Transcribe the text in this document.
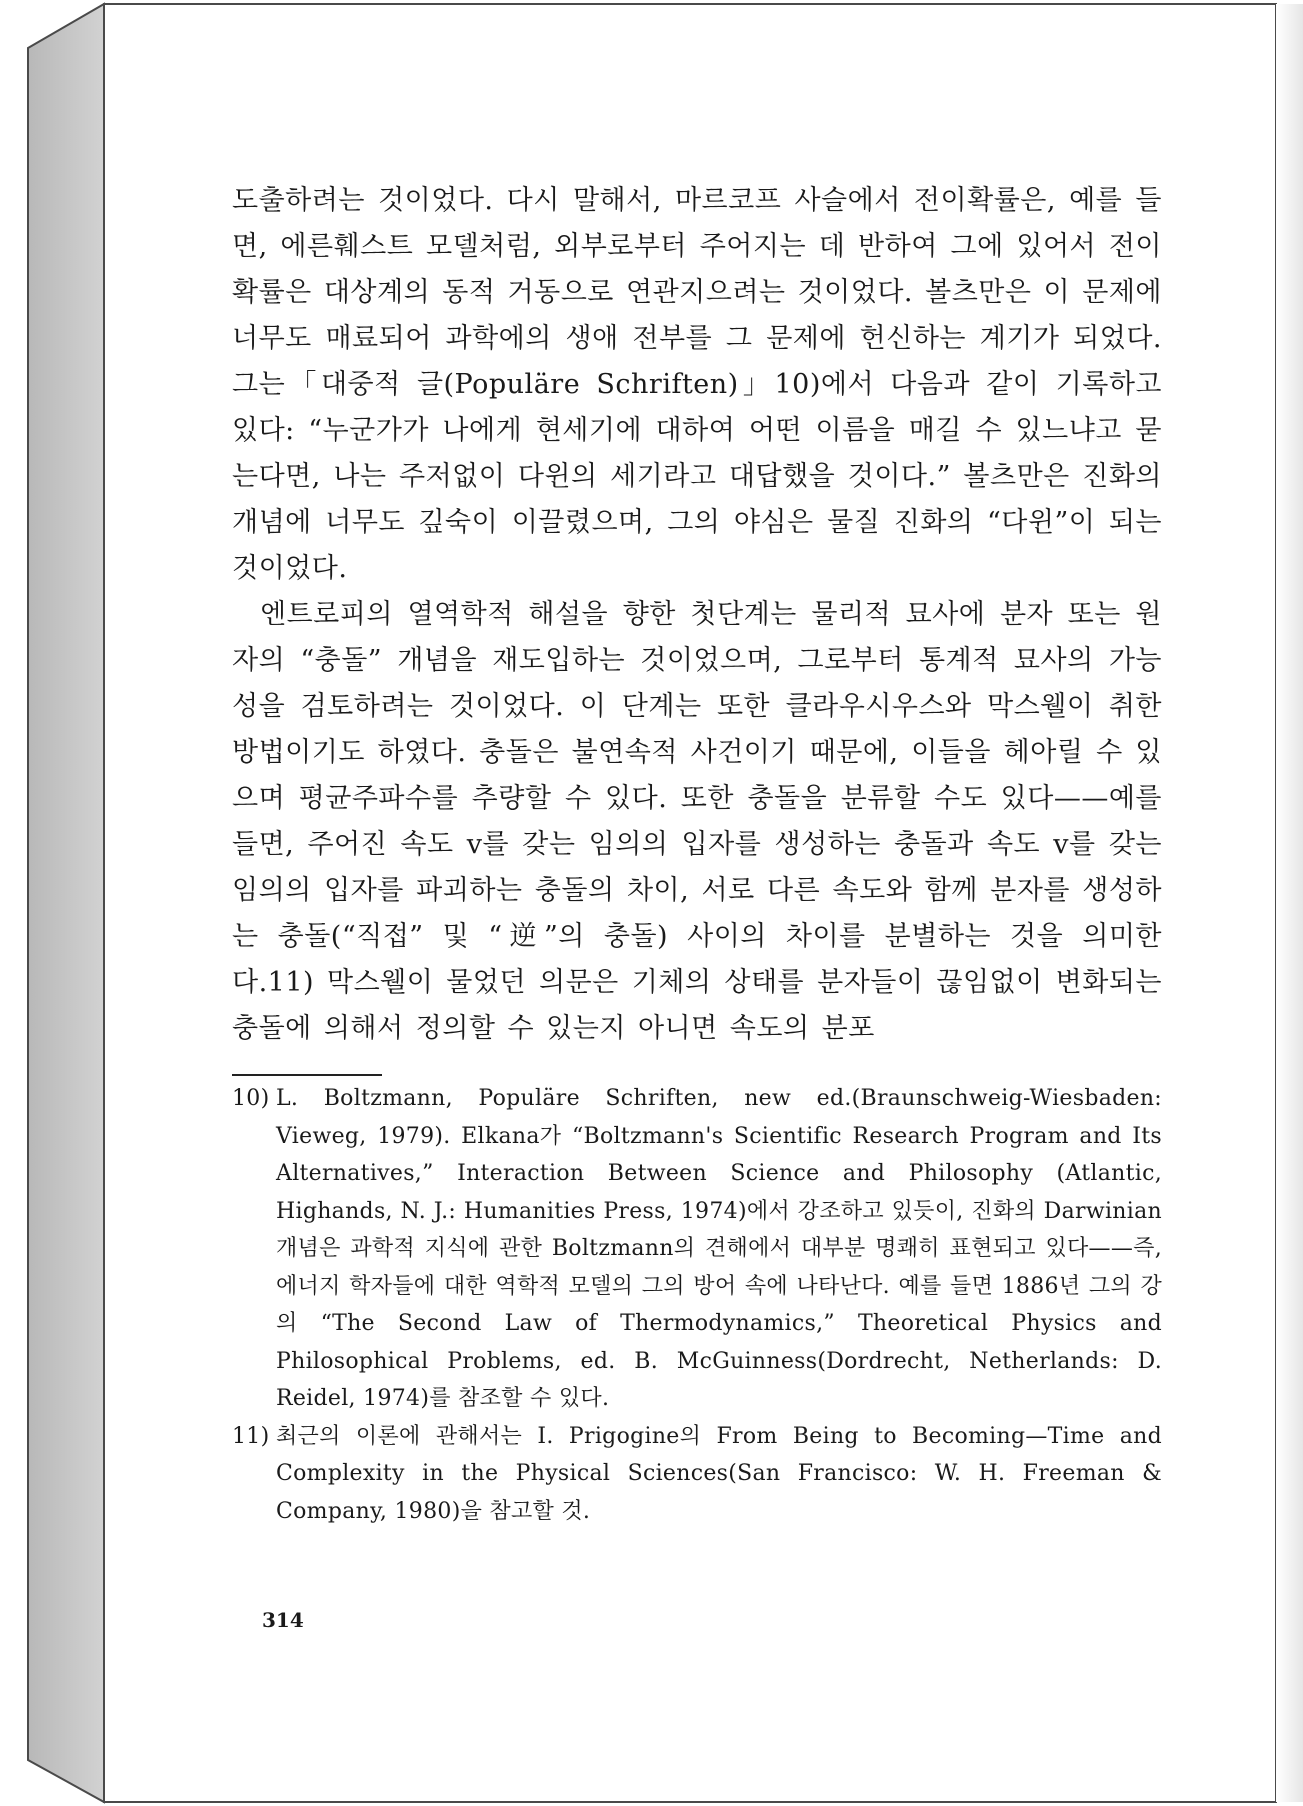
도출하려는 것이었다. 다시 말해서, 마르코프 사슬에서 전이확률은, 예를 들면, 에른훼스트 모델처럼, 외부로부터 주어지는 데 반하여 그에 있어서 전이확률은 대상계의 동적 거동으로 연관지으려는 것이었다. 볼츠만은 이 문제에 너무도 매료되어 과학에의 생애 전부를 그 문제에 헌신하는 계기가 되었다. 그는「대중적 글(Populäre Schriften)」10)에서 다음과 같이 기록하고 있다: “누군가가 나에게 현세기에 대하여 어떤 이름을 매길 수 있느냐고 묻는다면, 나는 주저없이 다윈의 세기라고 대답했을 것이다.” 볼츠만은 진화의 개념에 너무도 깊숙이 이끌렸으며, 그의 야심은 물질 진화의 “다윈”이 되는 것이었다.

엔트로피의 열역학적 해설을 향한 첫단계는 물리적 묘사에 분자 또는 원자의 “충돌” 개념을 재도입하는 것이었으며, 그로부터 통계적 묘사의 가능성을 검토하려는 것이었다. 이 단계는 또한 클라우시우스와 막스웰이 취한 방법이기도 하였다. 충돌은 불연속적 사건이기 때문에, 이들을 헤아릴 수 있으며 평균주파수를 추량할 수 있다. 또한 충돌을 분류할 수도 있다——예를 들면, 주어진 속도 v를 갖는 임의의 입자를 생성하는 충돌과 속도 v를 갖는 임의의 입자를 파괴하는 충돌의 차이, 서로 다른 속도와 함께 분자를 생성하는 충돌(“직접” 및 “逆”의 충돌) 사이의 차이를 분별하는 것을 의미한다.11) 막스웰이 물었던 의문은 기체의 상태를 분자들이 끊임없이 변화되는 충돌에 의해서 정의할 수 있는지 아니면 속도의 분포

10) L. Boltzmann, Populäre Schriften, new ed.(Braunschweig-Wiesbaden: Vieweg, 1979). Elkana가 “Boltzmann's Scientific Research Program and Its Alternatives,” Interaction Between Science and Philosophy (Atlantic, Highands, N. J.: Humanities Press, 1974)에서 강조하고 있듯이, 진화의 Darwinian개념은 과학적 지식에 관한 Boltzmann의 견해에서 대부분 명쾌히 표현되고 있다——즉, 에너지 학자들에 대한 역학적 모델의 그의 방어 속에 나타난다. 예를 들면 1886년 그의 강의 “The Second Law of Thermodynamics,” Theoretical Physics and Philosophical Problems, ed. B. McGuinness(Dordrecht, Netherlands: D. Reidel, 1974)를 참조할 수 있다.

11) 최근의 이론에 관해서는 I. Prigogine의 From Being to Becoming—Time and Complexity in the Physical Sciences(San Francisco: W. H. Freeman & Company, 1980)을 참고할 것.

314
